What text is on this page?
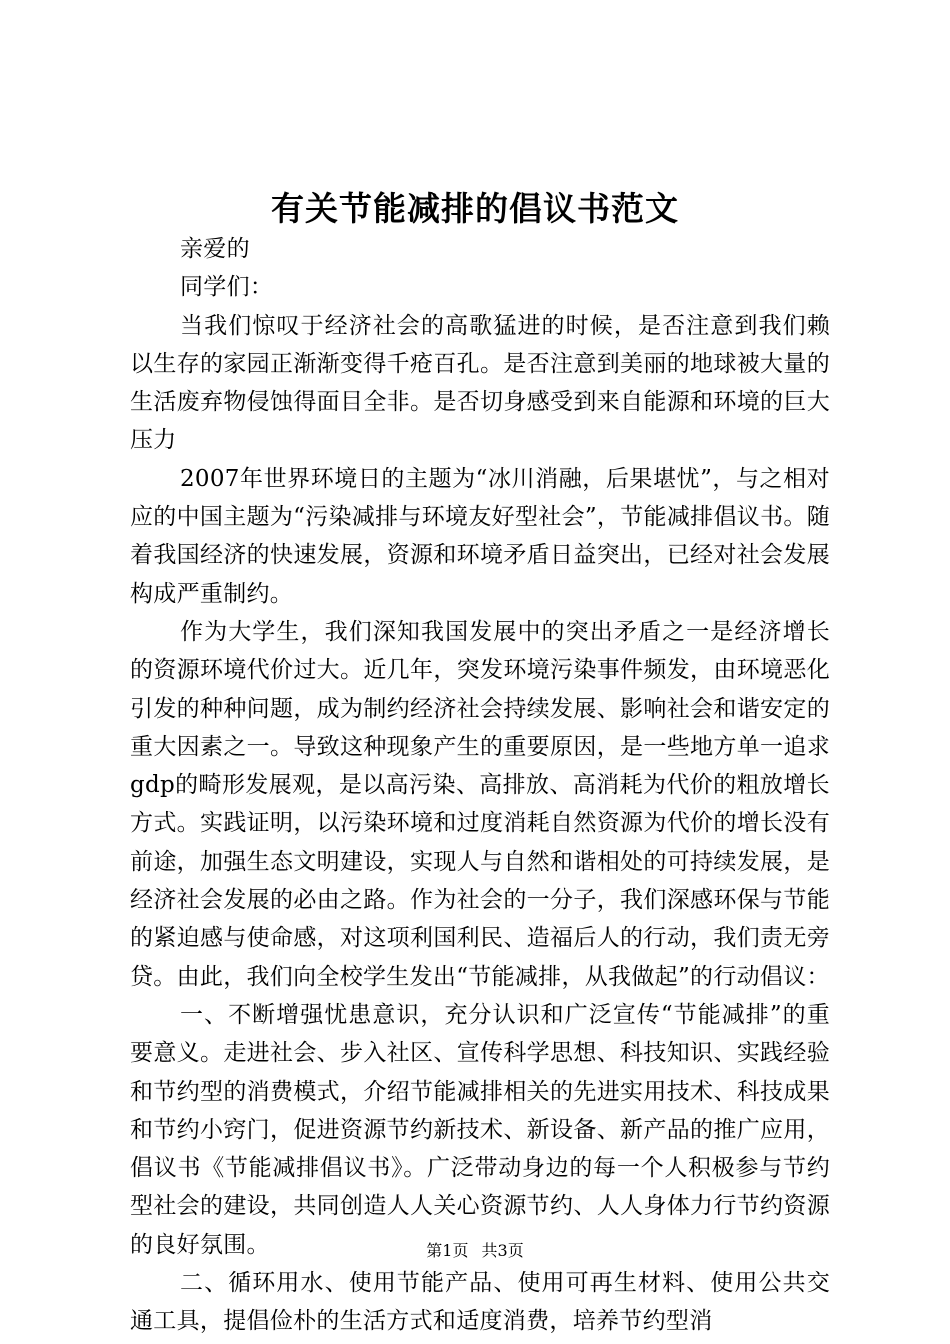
有关节能减排的倡议书范文

亲爱的

同学们：

当我们惊叹于经济社会的高歌猛进的时候，是否注意到我们赖以生存的家园正渐渐变得千疮百孔。是否注意到美丽的地球被大量的生活废弃物侵蚀得面目全非。是否切身感受到来自能源和环境的巨大压力

2007年世界环境日的主题为“冰川消融，后果堪忧”，与之相对应的中国主题为“污染减排与环境友好型社会”，节能减排倡议书。随着我国经济的快速发展，资源和环境矛盾日益突出，已经对社会发展构成严重制约。

作为大学生，我们深知我国发展中的突出矛盾之一是经济增长的资源环境代价过大。近几年，突发环境污染事件频发，由环境恶化引发的种种问题，成为制约经济社会持续发展、影响社会和谐安定的重大因素之一。导致这种现象产生的重要原因，是一些地方单一追求gdp的畸形发展观，是以高污染、高排放、高消耗为代价的粗放增长方式。实践证明，以污染环境和过度消耗自然资源为代价的增长没有前途，加强生态文明建设，实现人与自然和谐相处的可持续发展，是经济社会发展的必由之路。作为社会的一分子，我们深感环保与节能的紧迫感与使命感，对这项利国利民、造福后人的行动，我们责无旁贷。由此，我们向全校学生发出“节能减排，从我做起”的行动倡议：

一、不断增强忧患意识，充分认识和广泛宣传“节能减排”的重要意义。走进社会、步入社区、宣传科学思想、科技知识、实践经验和节约型的消费模式，介绍节能减排相关的先进实用技术、科技成果和节约小窍门，促进资源节约新技术、新设备、新产品的推广应用，倡议书《节能减排倡议书》。广泛带动身边的每一个人积极参与节约型社会的建设，共同创造人人关心资源节约、人人身体力行节约资源的良好氛围。

二、循环用水、使用节能产品、使用可再生材料、使用公共交通工具，提倡俭朴的生活方式和适度消费，培养节约型消

第1页 共3页
